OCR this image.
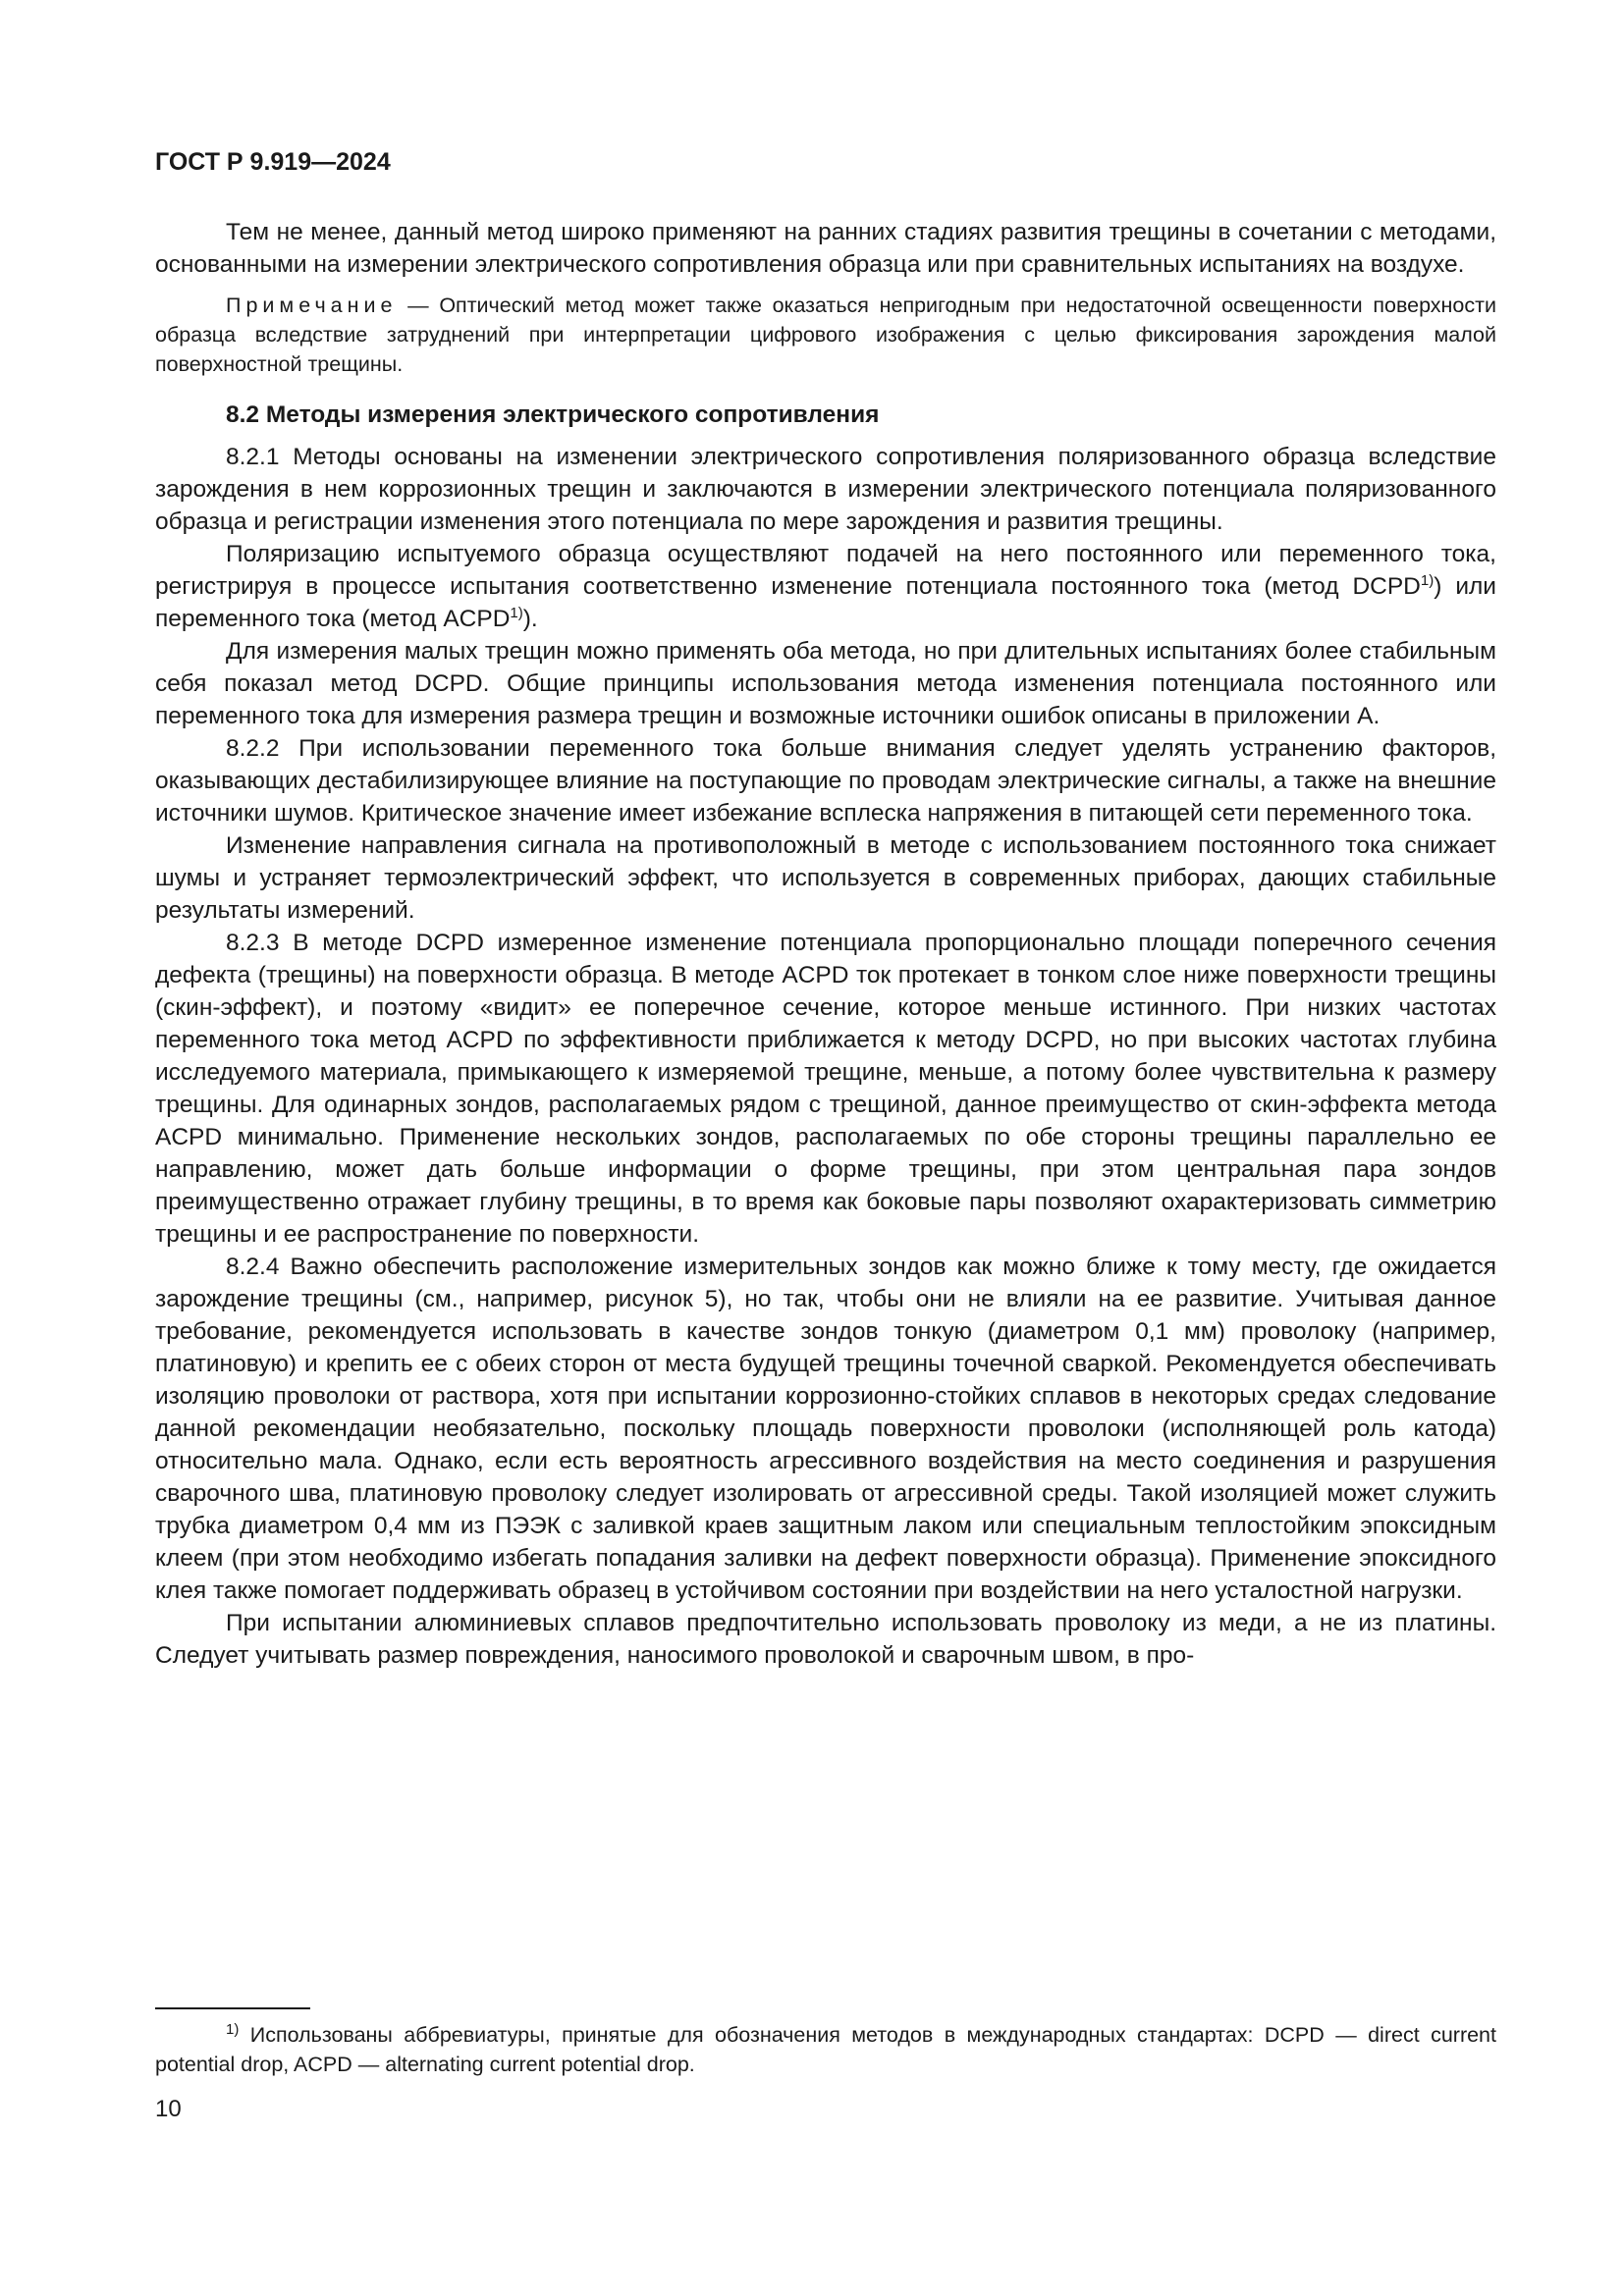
ГОСТ Р 9.919—2024

Тем не менее, данный метод широко применяют на ранних стадиях развития трещины в сочетании с методами, основанными на измерении электрического сопротивления образца или при сравнительных испытаниях на воздухе.

Примечание — Оптический метод может также оказаться непригодным при недостаточной освещенности поверхности образца вследствие затруднений при интерпретации цифрового изображения с целью фиксирования зарождения малой поверхностной трещины.

8.2 Методы измерения электрического сопротивления

8.2.1 Методы основаны на изменении электрического сопротивления поляризованного образца вследствие зарождения в нем коррозионных трещин и заключаются в измерении электрического потенциала поляризованного образца и регистрации изменения этого потенциала по мере зарождения и развития трещины.

Поляризацию испытуемого образца осуществляют подачей на него постоянного или переменного тока, регистрируя в процессе испытания соответственно изменение потенциала постоянного тока (метод DCPD$^{1)}$) или переменного тока (метод ACPD$^{1)}$).

Для измерения малых трещин можно применять оба метода, но при длительных испытаниях более стабильным себя показал метод DCPD. Общие принципы использования метода изменения потенциала постоянного или переменного тока для измерения размера трещин и возможные источники ошибок описаны в приложении А.

8.2.2 При использовании переменного тока больше внимания следует уделять устранению факторов, оказывающих дестабилизирующее влияние на поступающие по проводам электрические сигналы, а также на внешние источники шумов. Критическое значение имеет избежание всплеска напряжения в питающей сети переменного тока.

Изменение направления сигнала на противоположный в методе с использованием постоянного тока снижает шумы и устраняет термоэлектрический эффект, что используется в современных приборах, дающих стабильные результаты измерений.

8.2.3 В методе DCPD измеренное изменение потенциала пропорционально площади поперечного сечения дефекта (трещины) на поверхности образца. В методе ACPD ток протекает в тонком слое ниже поверхности трещины (скин-эффект), и поэтому «видит» ее поперечное сечение, которое меньше истинного. При низких частотах переменного тока метод ACPD по эффективности приближается к методу DCPD, но при высоких частотах глубина исследуемого материала, примыкающего к измеряемой трещине, меньше, а потому более чувствительна к размеру трещины. Для одинарных зондов, располагаемых рядом с трещиной, данное преимущество от скин-эффекта метода ACPD минимально. Применение нескольких зондов, располагаемых по обе стороны трещины параллельно ее направлению, может дать больше информации о форме трещины, при этом центральная пара зондов преимущественно отражает глубину трещины, в то время как боковые пары позволяют охарактеризовать симметрию трещины и ее распространение по поверхности.

8.2.4 Важно обеспечить расположение измерительных зондов как можно ближе к тому месту, где ожидается зарождение трещины (см., например, рисунок 5), но так, чтобы они не влияли на ее развитие. Учитывая данное требование, рекомендуется использовать в качестве зондов тонкую (диаметром 0,1 мм) проволоку (например, платиновую) и крепить ее с обеих сторон от места будущей трещины точечной сваркой. Рекомендуется обеспечивать изоляцию проволоки от раствора, хотя при испытании коррозионно-стойких сплавов в некоторых средах следование данной рекомендации необязательно, поскольку площадь поверхности проволоки (исполняющей роль катода) относительно мала. Однако, если есть вероятность агрессивного воздействия на место соединения и разрушения сварочного шва, платиновую проволоку следует изолировать от агрессивной среды. Такой изоляцией может служить трубка диаметром 0,4 мм из ПЭЭК с заливкой краев защитным лаком или специальным теплостойким эпоксидным клеем (при этом необходимо избегать попадания заливки на дефект поверхности образца). Применение эпоксидного клея также помогает поддерживать образец в устойчивом состоянии при воздействии на него усталостной нагрузки.

При испытании алюминиевых сплавов предпочтительно использовать проволоку из меди, а не из платины. Следует учитывать размер повреждения, наносимого проволокой и сварочным швом, в про-

$^{1)}$ Использованы аббревиатуры, принятые для обозначения методов в международных стандартах: DCPD — direct current potential drop, ACPD — alternating current potential drop.
10
